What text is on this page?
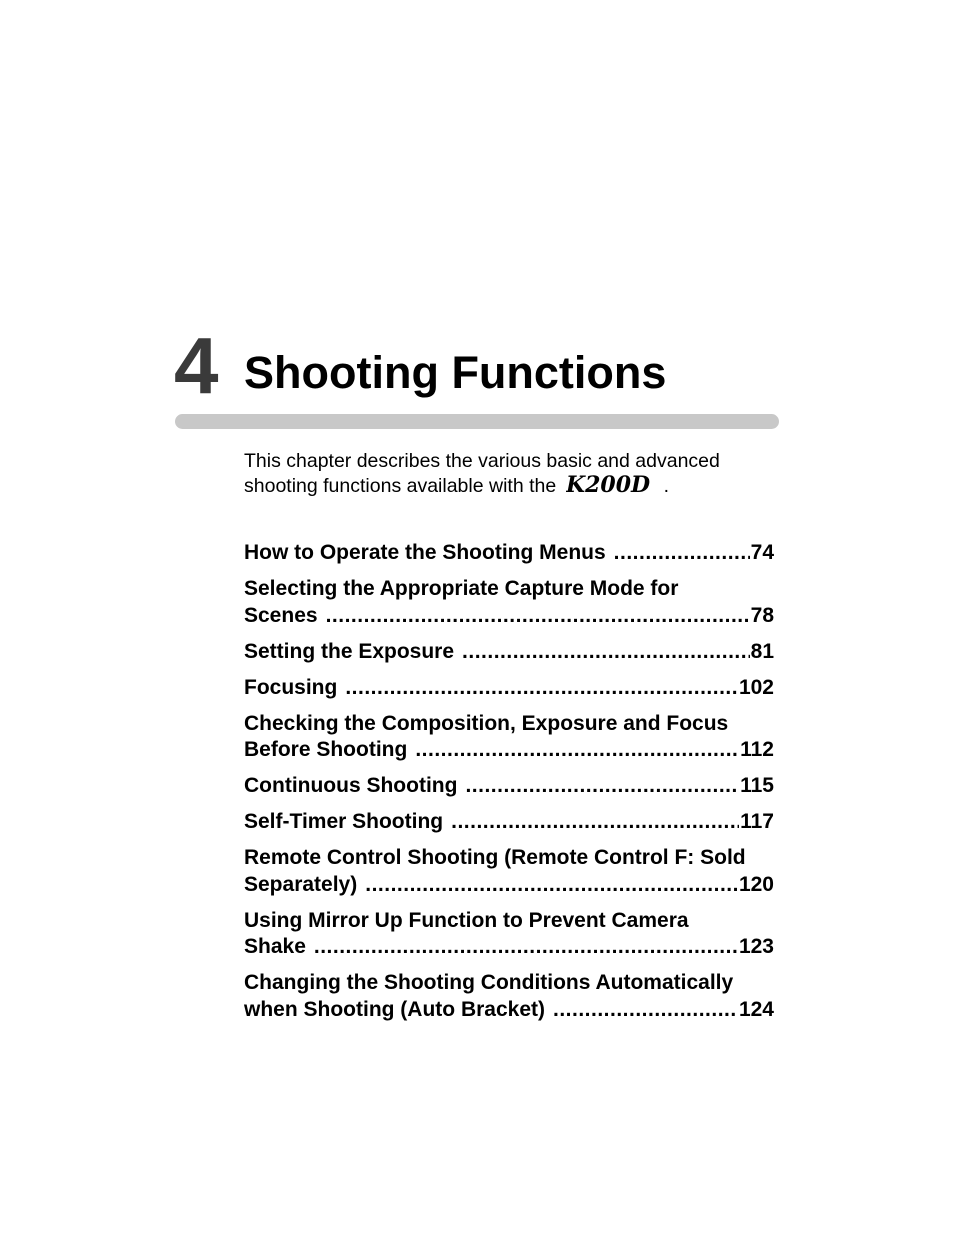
4 Shooting Functions
This chapter describes the various basic and advanced
shooting functions available with the K200D .
How to Operate the Shooting Menus .....	74
Selecting the Appropriate Capture Mode for
Scenes .....	78
Setting the Exposure .....	81
Focusing .....	102
Checking the Composition, Exposure and Focus
Before Shooting .....	112
Continuous Shooting .....	115
Self-Timer Shooting .....	117
Remote Control Shooting (Remote Control F: Sold
Separately) .....	120
Using Mirror Up Function to Prevent Camera
Shake .....	123
Changing the Shooting Conditions Automatically
when Shooting (Auto Bracket) .....	124
